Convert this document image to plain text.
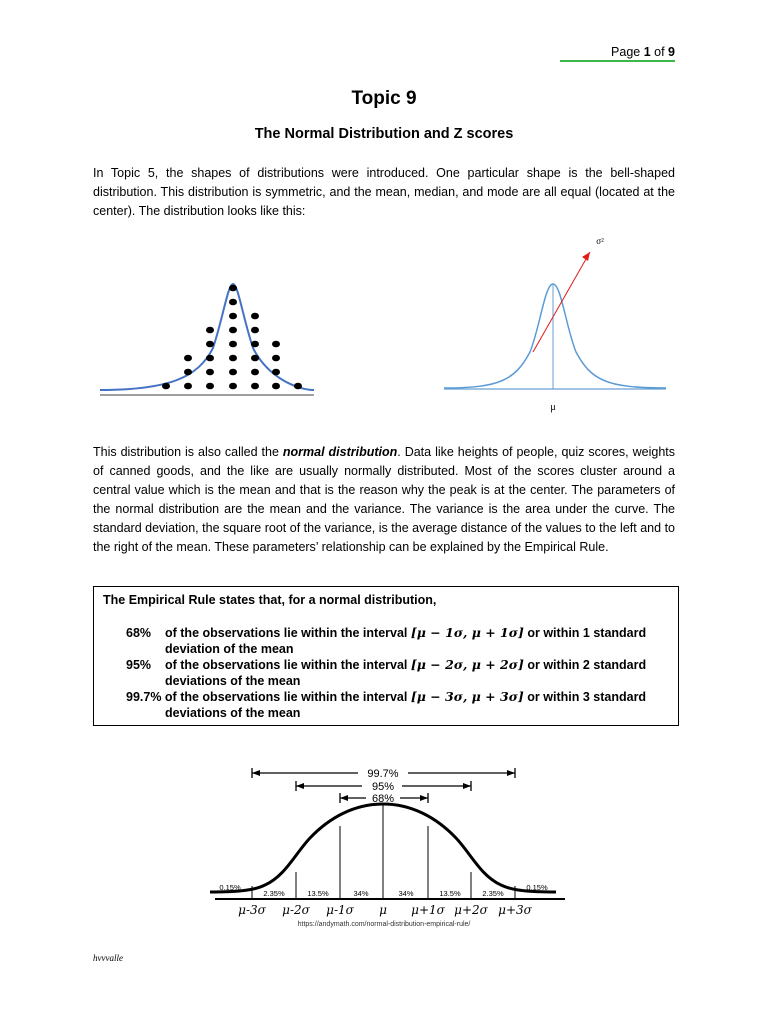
Page 1 of 9
Topic 9
The Normal Distribution and Z scores

In Topic 5, the shapes of distributions were introduced. One particular shape is the bell-shaped distribution. This distribution is symmetric, and the mean, median, and mode are all equal (located at the center). The distribution looks like this:

μ
σ²

This distribution is also called the normal distribution. Data like heights of people, quiz scores, weights of canned goods, and the like are usually normally distributed. Most of the scores cluster around a central value which is the mean and that is the reason why the peak is at the center. The parameters of the normal distribution are the mean and the variance. The variance is the area under the curve. The standard deviation, the square root of the variance, is the average distance of the values to the left and to the right of the mean. These parameters’ relationship can be explained by the Empirical Rule.

The Empirical Rule states that, for a normal distribution,
68% of the observations lie within the interval [μ − 1σ, μ + 1σ] or within 1 standard
deviation of the mean
95% of the observations lie within the interval [μ − 2σ, μ + 2σ] or within 2 standard
deviations of the mean
99.7% of the observations lie within the interval [μ − 3σ, μ + 3σ] or within 3 standard
deviations of the mean
99.7%
95%
68%
0.15%
2.35%	13.5%	34%	34%	13.5%	2.35%
0.15%
μ-3σ μ-2σ μ-1σ μ μ+1σ μ+2σ μ+3σ
https://andymath.com/normal-distribution-empirical-rule/
hvvvalle
